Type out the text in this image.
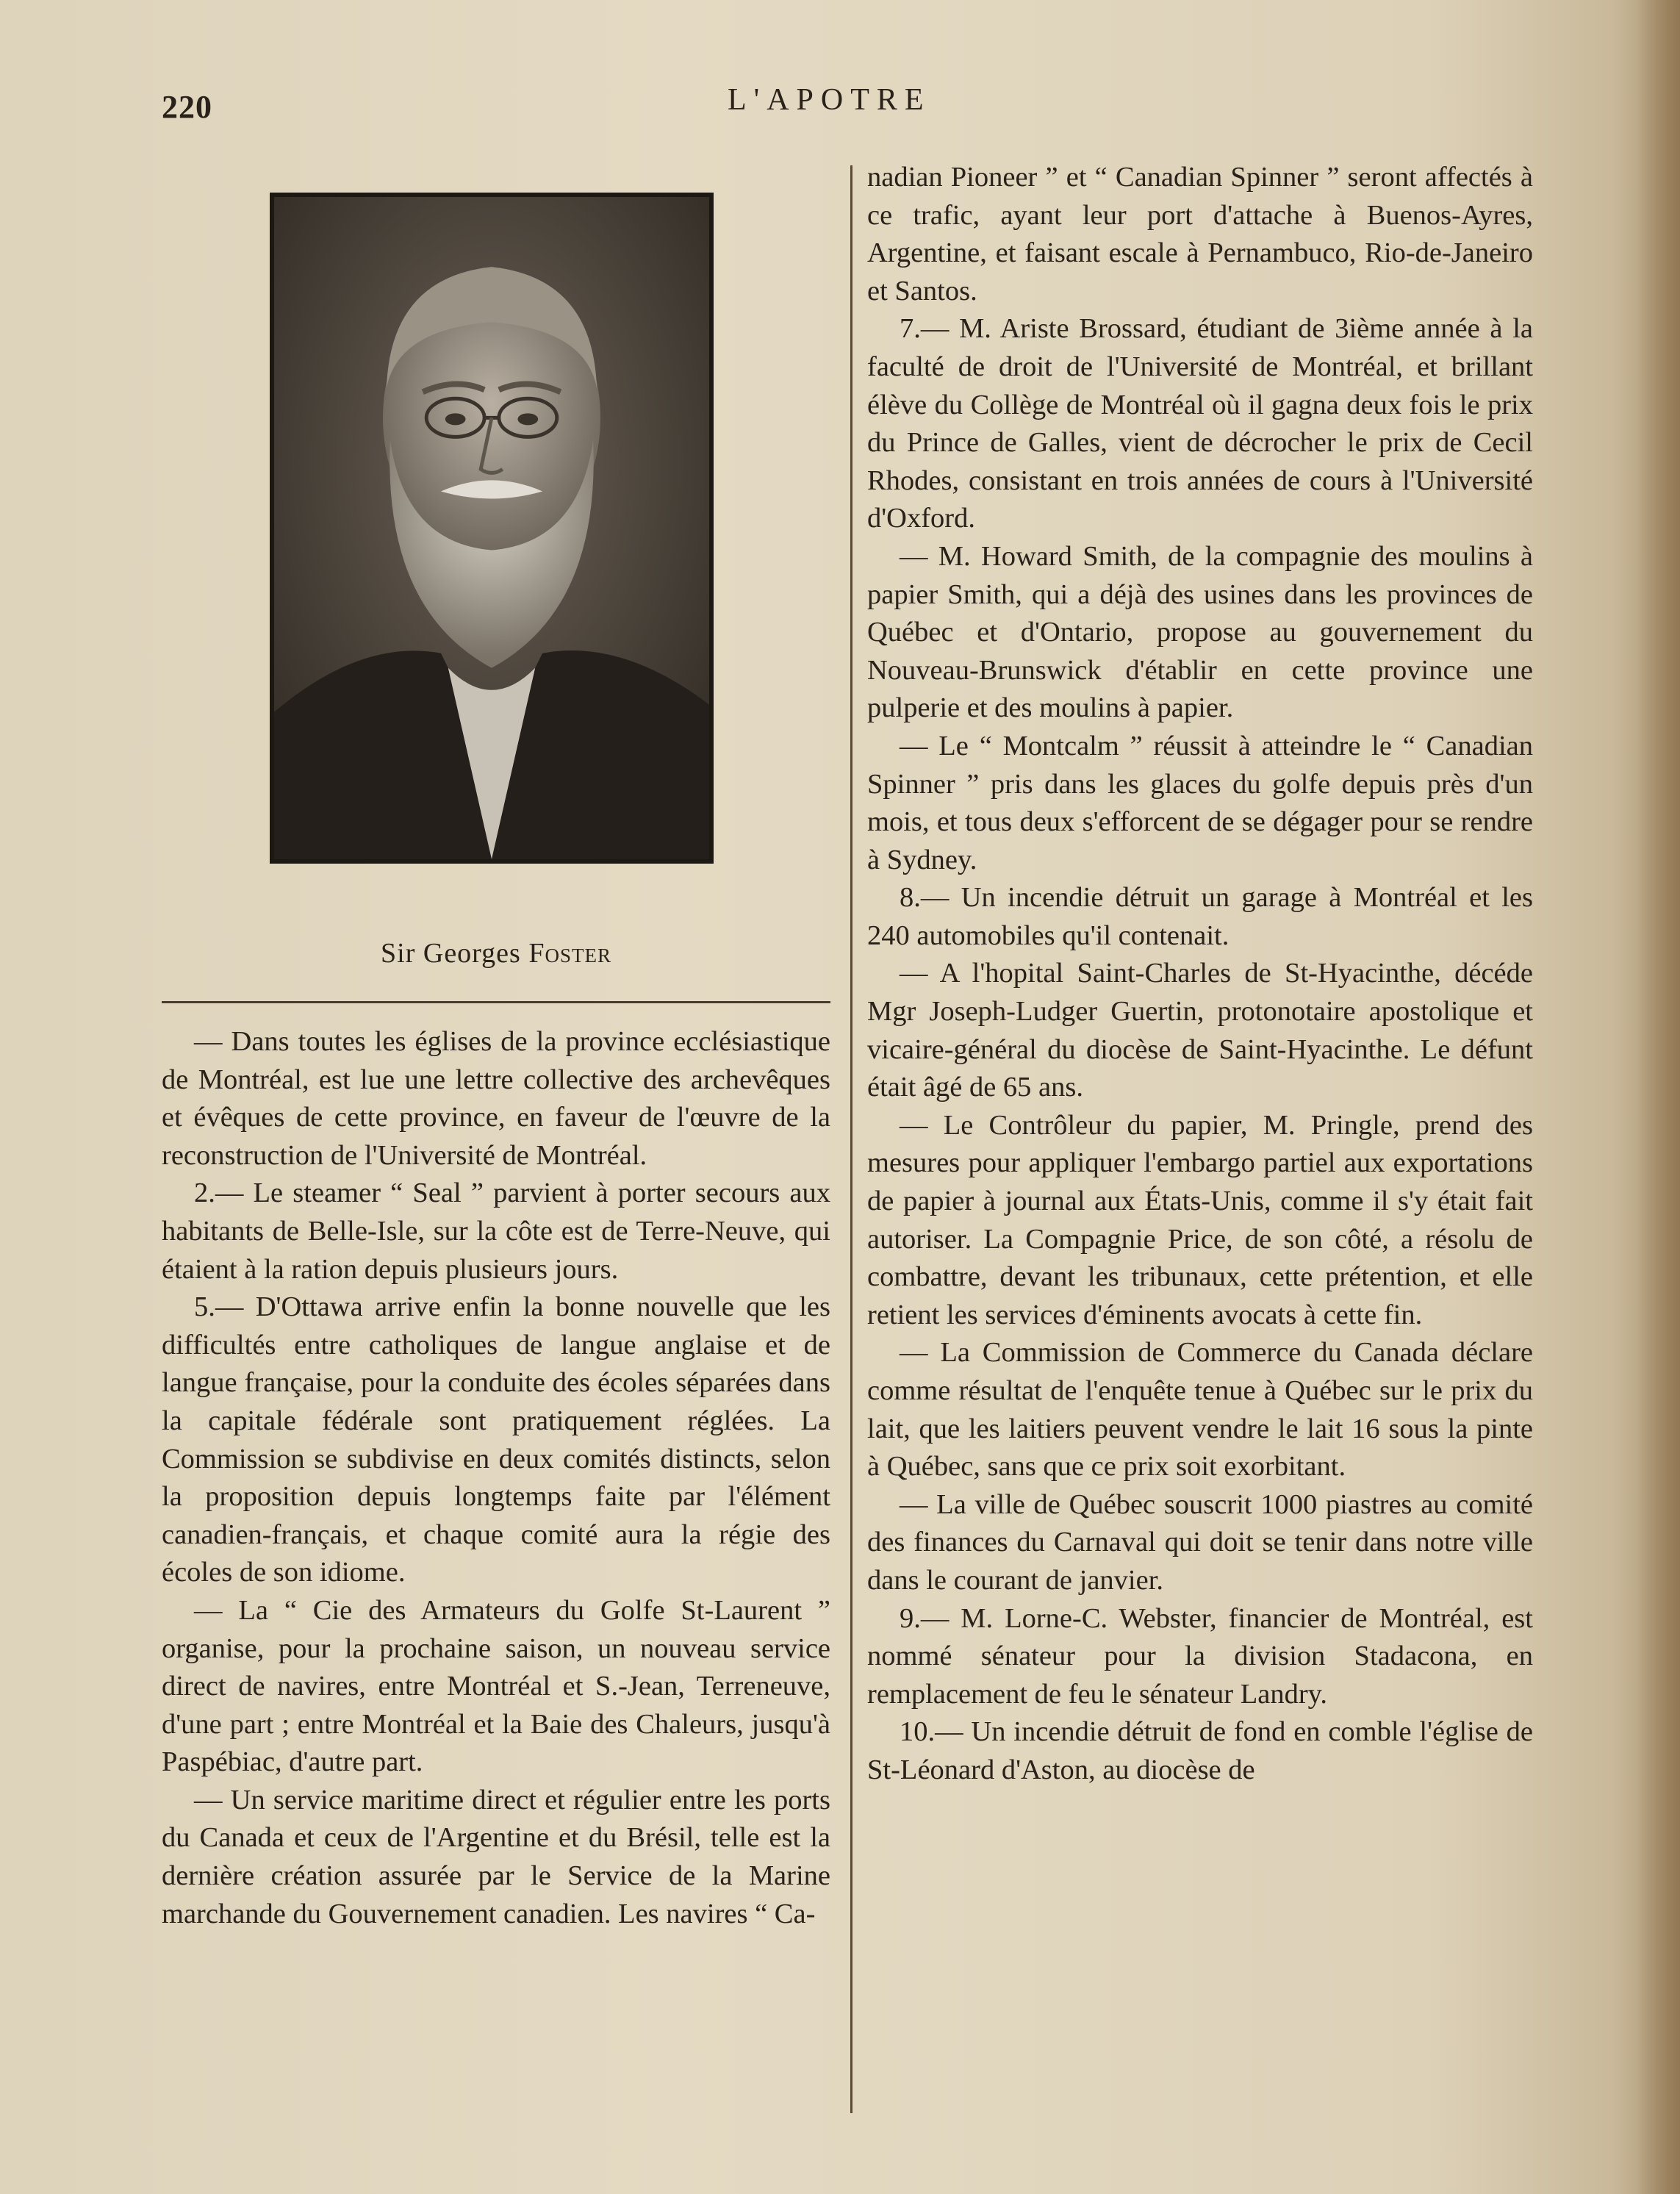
220	L'APOTRE
Sir Georges Foster

— Dans toutes les églises de la province ecclésiastique de Montréal, est lue une lettre collective des archevêques et évêques de cette province, en faveur de l'œuvre de la reconstruction de l'Université de Montréal.

2.— Le steamer “ Seal ” parvient à porter secours aux habitants de Belle-Isle, sur la côte est de Terre-Neuve, qui étaient à la ration depuis plusieurs jours.

5.— D'Ottawa arrive enfin la bonne nouvelle que les difficultés entre catholiques de langue anglaise et de langue française, pour la conduite des écoles séparées dans la capitale fédérale sont pratiquement réglées. La Commission se subdivise en deux comités distincts, selon la proposition depuis longtemps faite par l'élément canadien-français, et chaque comité aura la régie des écoles de son idiome.

— La “ Cie des Armateurs du Golfe St-Laurent ” organise, pour la prochaine saison, un nouveau service direct de navires, entre Montréal et S.-Jean, Terreneuve, d'une part ; entre Montréal et la Baie des Chaleurs, jusqu'à Paspébiac, d'autre part.

— Un service maritime direct et régulier entre les ports du Canada et ceux de l'Argentine et du Brésil, telle est la dernière création assurée par le Service de la Marine marchande du Gouvernement canadien. Les navires “ Ca-

nadian Pioneer ” et “ Canadian Spinner ” seront affectés à ce trafic, ayant leur port d'attache à Buenos-Ayres, Argentine, et faisant escale à Pernambuco, Rio-de-Janeiro et Santos.

7.— M. Ariste Brossard, étudiant de 3ième année à la faculté de droit de l'Université de Montréal, et brillant élève du Collège de Montréal où il gagna deux fois le prix du Prince de Galles, vient de décrocher le prix de Cecil Rhodes, consistant en trois années de cours à l'Université d'Oxford.

— M. Howard Smith, de la compagnie des moulins à papier Smith, qui a déjà des usines dans les provinces de Québec et d'Ontario, propose au gouvernement du Nouveau-Brunswick d'établir en cette province une pulperie et des moulins à papier.

— Le “ Montcalm ” réussit à atteindre le “ Canadian Spinner ” pris dans les glaces du golfe depuis près d'un mois, et tous deux s'efforcent de se dégager pour se rendre à Sydney.

8.— Un incendie détruit un garage à Montréal et les 240 automobiles qu'il contenait.

— A l'hopital Saint-Charles de St-Hyacinthe, décéde Mgr Joseph-Ludger Guertin, protonotaire apostolique et vicaire-général du diocèse de Saint-Hyacinthe. Le défunt était âgé de 65 ans.

— Le Contrôleur du papier, M. Pringle, prend des mesures pour appliquer l'embargo partiel aux exportations de papier à journal aux États-Unis, comme il s'y était fait autoriser. La Compagnie Price, de son côté, a résolu de combattre, devant les tribunaux, cette prétention, et elle retient les services d'éminents avocats à cette fin.

— La Commission de Commerce du Canada déclare comme résultat de l'enquête tenue à Québec sur le prix du lait, que les laitiers peuvent vendre le lait 16 sous la pinte à Québec, sans que ce prix soit exorbitant.

— La ville de Québec souscrit 1000 piastres au comité des finances du Carnaval qui doit se tenir dans notre ville dans le courant de janvier.

9.— M. Lorne-C. Webster, financier de Montréal, est nommé sénateur pour la division Stadacona, en remplacement de feu le sénateur Landry.

10.— Un incendie détruit de fond en comble l'église de St-Léonard d'Aston, au diocèse de
